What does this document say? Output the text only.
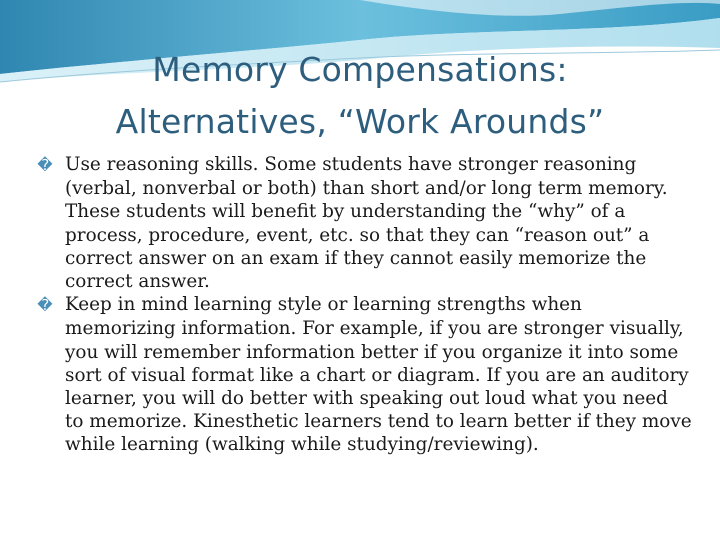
Memory Compensations:
Alternatives, “Work Arounds”
� Use reasoning skills. Some students have stronger reasoning (verbal, nonverbal or both) than short and/or long term memory. These students will benefit by understanding the “why” of a process, procedure, event, etc. so that they can “reason out” a correct answer on an exam if they cannot easily memorize the correct answer.
� Keep in mind learning style or learning strengths when memorizing information. For example, if you are stronger visually, you will remember information better if you organize it into some sort of visual format like a chart or diagram. If you are an auditory learner, you will do better with speaking out loud what you need to memorize. Kinesthetic learners tend to learn better if they move while learning (walking while studying/reviewing).
